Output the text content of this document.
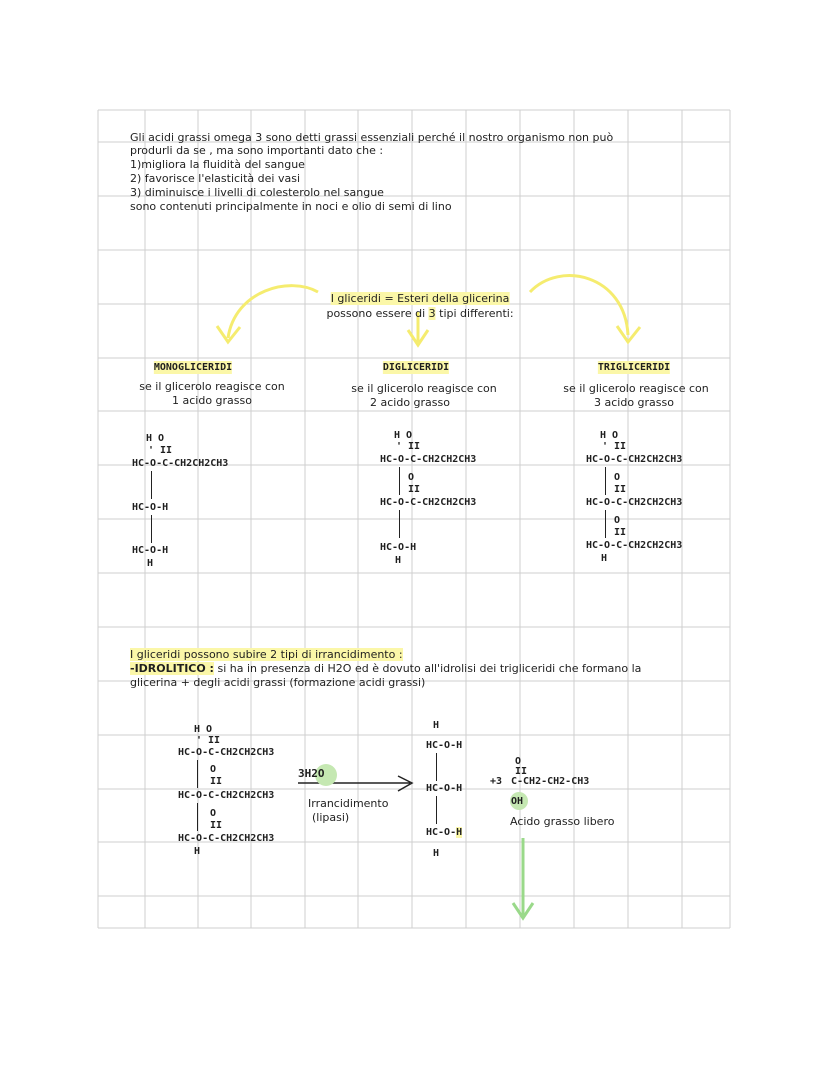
Gli acidi grassi omega 3 sono detti grassi essenziali perché il nostro organismo non può
produrli da se , ma sono importanti dato che :
1)migliora la fluidità del sangue
2) favorisce l'elasticità dei vasi
3) diminuisce i livelli di colesterolo nel sangue
sono contenuti principalmente in noci e olio di semi di lino
I gliceridi = Esteri della glicerina
possono essere di 3 tipi differenti:
MONOGLICERIDI
se il glicerolo reagisce con
1 acido grasso
DIGLICERIDI
se il glicerolo reagisce con
2 acido grasso
TRIGLICERIDI
se il glicerolo reagisce con
3 acido grasso
H O
' II
HC-O-C-CH2CH2CH3
HC-O-H
HC-O-H
H
H O
' II
HC-O-C-CH2CH2CH3
O
II
HC-O-C-CH2CH2CH3
HC-O-H
H
H O
' II
HC-O-C-CH2CH2CH3
O
II
HC-O-C-CH2CH2CH3
O
II
HC-O-C-CH2CH2CH3
H
I gliceridi possono subire 2 tipi di irrancidimento :
-IDROLITICO : si ha in presenza di H2O ed è dovuto all'idrolisi dei trigliceridi che formano la
glicerina + degli acidi grassi (formazione acidi grassi)
H O
' II
HC-O-C-CH2CH2CH3
O
II
HC-O-C-CH2CH2CH3
O
II
HC-O-C-CH2CH2CH3
H
3H2O
Irrancidimento
(lipasi)
H
HC-O-H
HC-O-H
HC-O-H
H
O
II
+3 C-CH2-CH2-CH3
OH
Acido grasso libero
